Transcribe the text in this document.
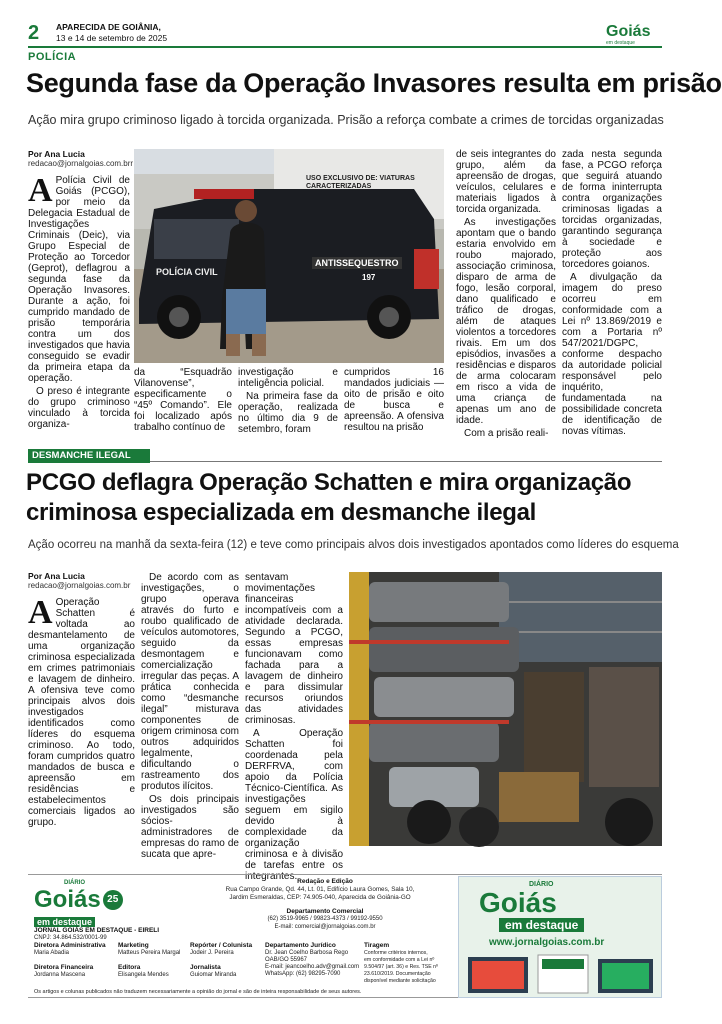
2	APARECIDA DE GOIÂNIA,
13 e 14 de setembro de 2025	Goiás
em destaque
POLÍCIA
Segunda fase da Operação Invasores resulta em prisão
Ação mira grupo criminoso ligado à torcida organizada. Prisão a reforça combate a crimes de torcidas organizadas
Por Ana Lucia
redacao@jornalgoias.com.brr
A Polícia Civil de Goiás (PCGO), por meio da Delegacia Estadual de Investigações Criminais (Deic), via Grupo Especial de Proteção ao Torcedor (Geprot), deflagrou a segunda fase da Operação Invasores. Durante a ação, foi cumprido mandado de prisão temporária contra um dos investigados que havia conseguido se evadir da primeira etapa da operação.

O preso é integrante do grupo criminoso vinculado à torcida organiza-

USO EXCLUSIVO DE: VIATURAS CARACTERIZADAS
POLÍCIA CIVIL
ANTISSEQUESTRO
197

da “Esquadrão Vilanovense”, especificamente o “45º Comando”. Ele foi localizado após trabalho contínuo de

investigação e inteligência policial.

Na primeira fase da operação, realizada no último dia 9 de setembro, foram

cumpridos 16 mandados judiciais — oito de prisão e oito de busca e apreensão. A ofensiva resultou na prisão

de seis integrantes do grupo, além da apreensão de drogas, veículos, celulares e materiais ligados à torcida organizada.

As investigações apontam que o bando estaria envolvido em roubo majorado, associação criminosa, disparo de arma de fogo, lesão corporal, dano qualificado e tráfico de drogas, além de ataques violentos a torcedores rivais. Em um dos episódios, invasões a residências e disparos de arma colocaram em risco a vida de uma criança de apenas um ano de idade.

Com a prisão reali-

zada nesta segunda fase, a PCGO reforça que seguirá atuando de forma ininterrupta contra organizações criminosas ligadas a torcidas organizadas, garantindo segurança à sociedade e proteção aos torcedores goianos.

A divulgação da imagem do preso ocorreu em conformidade com a Lei nº 13.869/2019 e com a Portaria nº 547/2021/DGPC, conforme despacho da autoridade policial responsável pelo inquérito, fundamentada na possibilidade concreta de identificação de novas vítimas.

DESMANCHE ILEGAL
PCGO deflagra Operação Schatten e mira organização
criminosa especializada em desmanche ilegal
Ação ocorreu na manhã da sexta-feira (12) e teve como principais alvos dois investigados apontados como líderes do esquema
Por Ana Lucia
redacao@jornalgoias.com.br
A Operação Schatten é voltada ao desmantelamento de uma organização criminosa especializada em crimes patrimoniais e lavagem de dinheiro. A ofensiva teve como principais alvos dois investigados identificados como líderes do esquema criminoso. Ao todo, foram cumpridos quatro mandados de busca e apreensão em residências e estabelecimentos comerciais ligados ao grupo.

De acordo com as investigações, o grupo operava através do furto e roubo qualificado de veículos automotores, seguido da desmontagem e comercialização irregular das peças. A prática conhecida como “desmanche ilegal” misturava componentes de origem criminosa com outros adquiridos legalmente, dificultando o rastreamento dos produtos ilícitos.

Os dois principais investigados são sócios-administradores de empresas do ramo de sucata que apre-

sentavam movimentações financeiras incompatíveis com a atividade declarada. Segundo a PCGO, essas empresas funcionavam como fachada para a lavagem de dinheiro e para dissimular recursos oriundos das atividades criminosas.

A Operação Schatten foi coordenada pela DERFRVA, com apoio da Polícia Técnico-Científica. As investigações seguem em sigilo devido à complexidade da organização criminosa e à divisão de tarefas entre os integrantes.

DIÁRIO
Goiás 25
em destaque
JORNAL GOIÁS EM DESTAQUE - EIRELI
CNPJ: 34.864.532/0001-99
Redação e Edição
Rua Campo Grande, Qd. 44, Lt. 01, Edifício Laura Gomes, Sala 10,
Jardim Esmeraldas, CEP: 74.905-040, Aparecida de Goiânia-GO
Departamento Comercial
(62) 3519-9965 / 99823-4373 / 99192-9550
E-mail: comercial@jornalgoias.com.br
Diretora Administrativa
Maria Abadia
Diretora Financeira
Jordanna Mascena
Marketing
Matteus Pereira Margal
Editora
Elisangela Mendes
Repórter / Colunista
Jodeir J. Pereira
Jornalista
Guiomar Miranda
Departamento Jurídico
Dr. Jean Coelho Barbosa Rego
OAB/GO 55967
E-mail: jeancoelho.adv@gmail.com
WhatsApp: (62) 98295-7090
Tiragem
Conforme critérios internos,
em conformidade com a Lei nº
9.504/97 (art. 36) e Res. TSE nº
23.610/2019. Documentação
disponível mediante solicitação
Os artigos e colunas publicados não traduzem necessariamente a opinião do jornal e são de inteira responsabilidade de seus autores.
DIÁRIO
Goiás
em destaque
www.jornalgoias.com.br
